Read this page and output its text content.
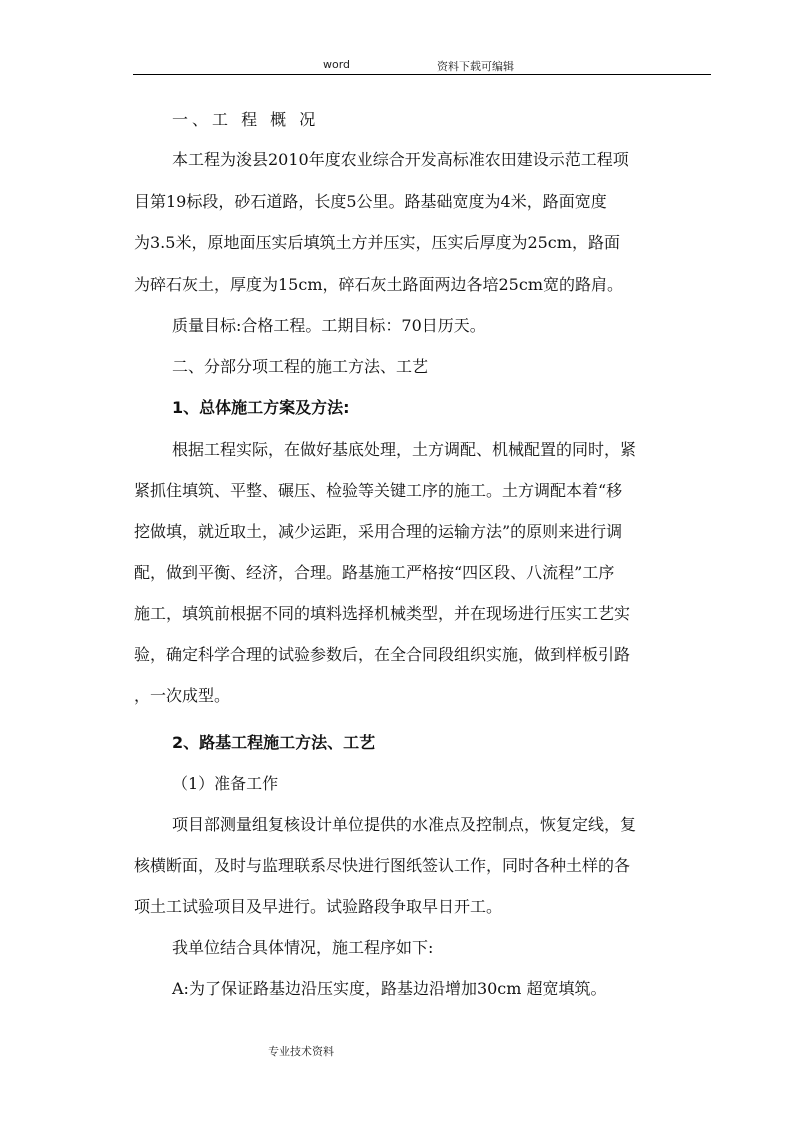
word	资料下载可编辑
一、工 程 概 况
本工程为浚县2010年度农业综合开发高标准农田建设示范工程项
目第19标段，砂石道路，长度5公里。路基础宽度为4米，路面宽度
为3.5米，原地面压实后填筑土方并压实，压实后厚度为25cm，路面
为碎石灰土，厚度为15cm，碎石灰土路面两边各培25cm宽的路肩。
质量目标:合格工程。工期目标：70日历天。
二、分部分项工程的施工方法、工艺
1、总体施工方案及方法:
根据工程实际，在做好基底处理，土方调配、机械配置的同时，紧
紧抓住填筑、平整、碾压、检验等关键工序的施工。土方调配本着“移
挖做填，就近取土，减少运距，采用合理的运输方法”的原则来进行调
配，做到平衡、经济，合理。路基施工严格按“四区段、八流程”工序
施工，填筑前根据不同的填料选择机械类型，并在现场进行压实工艺实
验，确定科学合理的试验参数后，在全合同段组织实施，做到样板引路
，一次成型。
2、路基工程施工方法、工艺
（1）准备工作
项目部测量组复核设计单位提供的水准点及控制点，恢复定线，复
核横断面，及时与监理联系尽快进行图纸签认工作，同时各种土样的各
项土工试验项目及早进行。试验路段争取早日开工。
我单位结合具体情况，施工程序如下:
A:为了保证路基边沿压实度，路基边沿增加30cm 超宽填筑。
专业技术资料
